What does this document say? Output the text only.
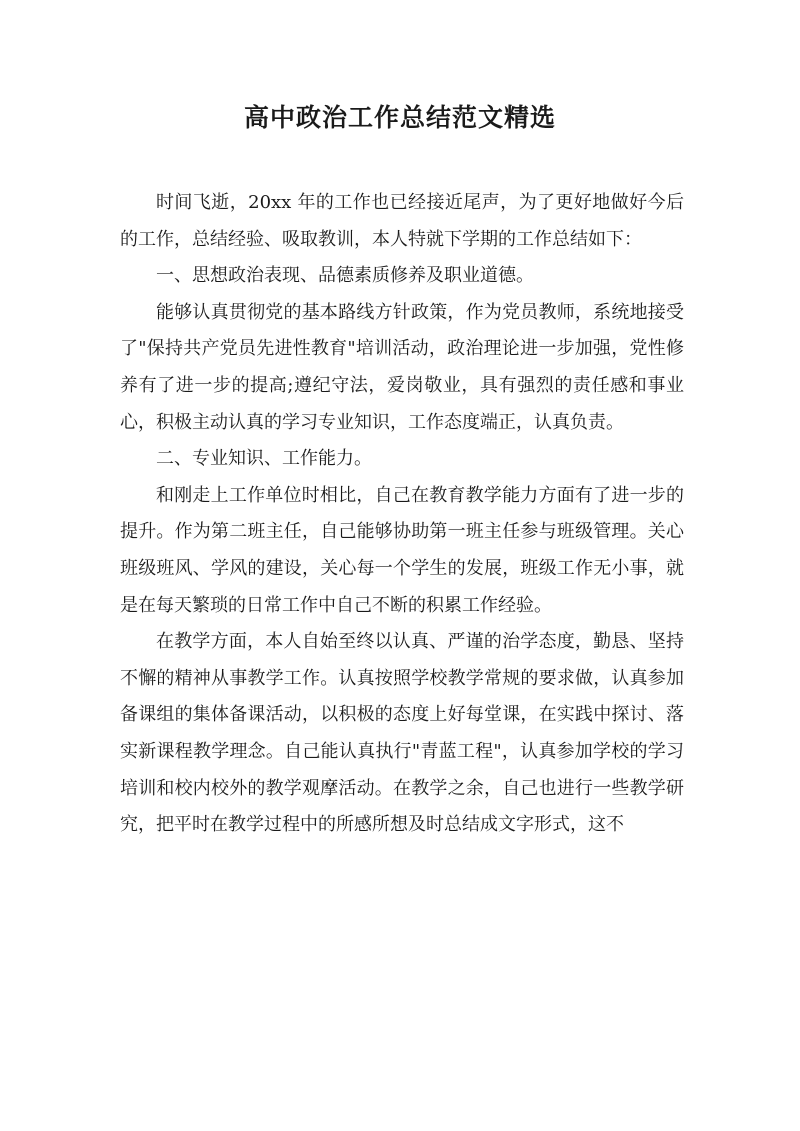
高中政治工作总结范文精选

时间飞逝，20xx 年的工作也已经接近尾声，为了更好地做好今后的工作，总结经验、吸取教训，本人特就下学期的工作总结如下：

一、思想政治表现、品德素质修养及职业道德。

能够认真贯彻党的基本路线方针政策，作为党员教师，系统地接受了"保持共产党员先进性教育"培训活动，政治理论进一步加强，党性修养有了进一步的提高;遵纪守法，爱岗敬业，具有强烈的责任感和事业心，积极主动认真的学习专业知识，工作态度端正，认真负责。

二、专业知识、工作能力。

和刚走上工作单位时相比，自己在教育教学能力方面有了进一步的提升。作为第二班主任，自己能够协助第一班主任参与班级管理。关心班级班风、学风的建设，关心每一个学生的发展，班级工作无小事，就是在每天繁琐的日常工作中自己不断的积累工作经验。

在教学方面，本人自始至终以认真、严谨的治学态度，勤恳、坚持不懈的精神从事教学工作。认真按照学校教学常规的要求做，认真参加备课组的集体备课活动，以积极的态度上好每堂课，在实践中探讨、落实新课程教学理念。自己能认真执行"青蓝工程"，认真参加学校的学习培训和校内校外的教学观摩活动。在教学之余，自己也进行一些教学研究，把平时在教学过程中的所感所想及时总结成文字形式，这不
